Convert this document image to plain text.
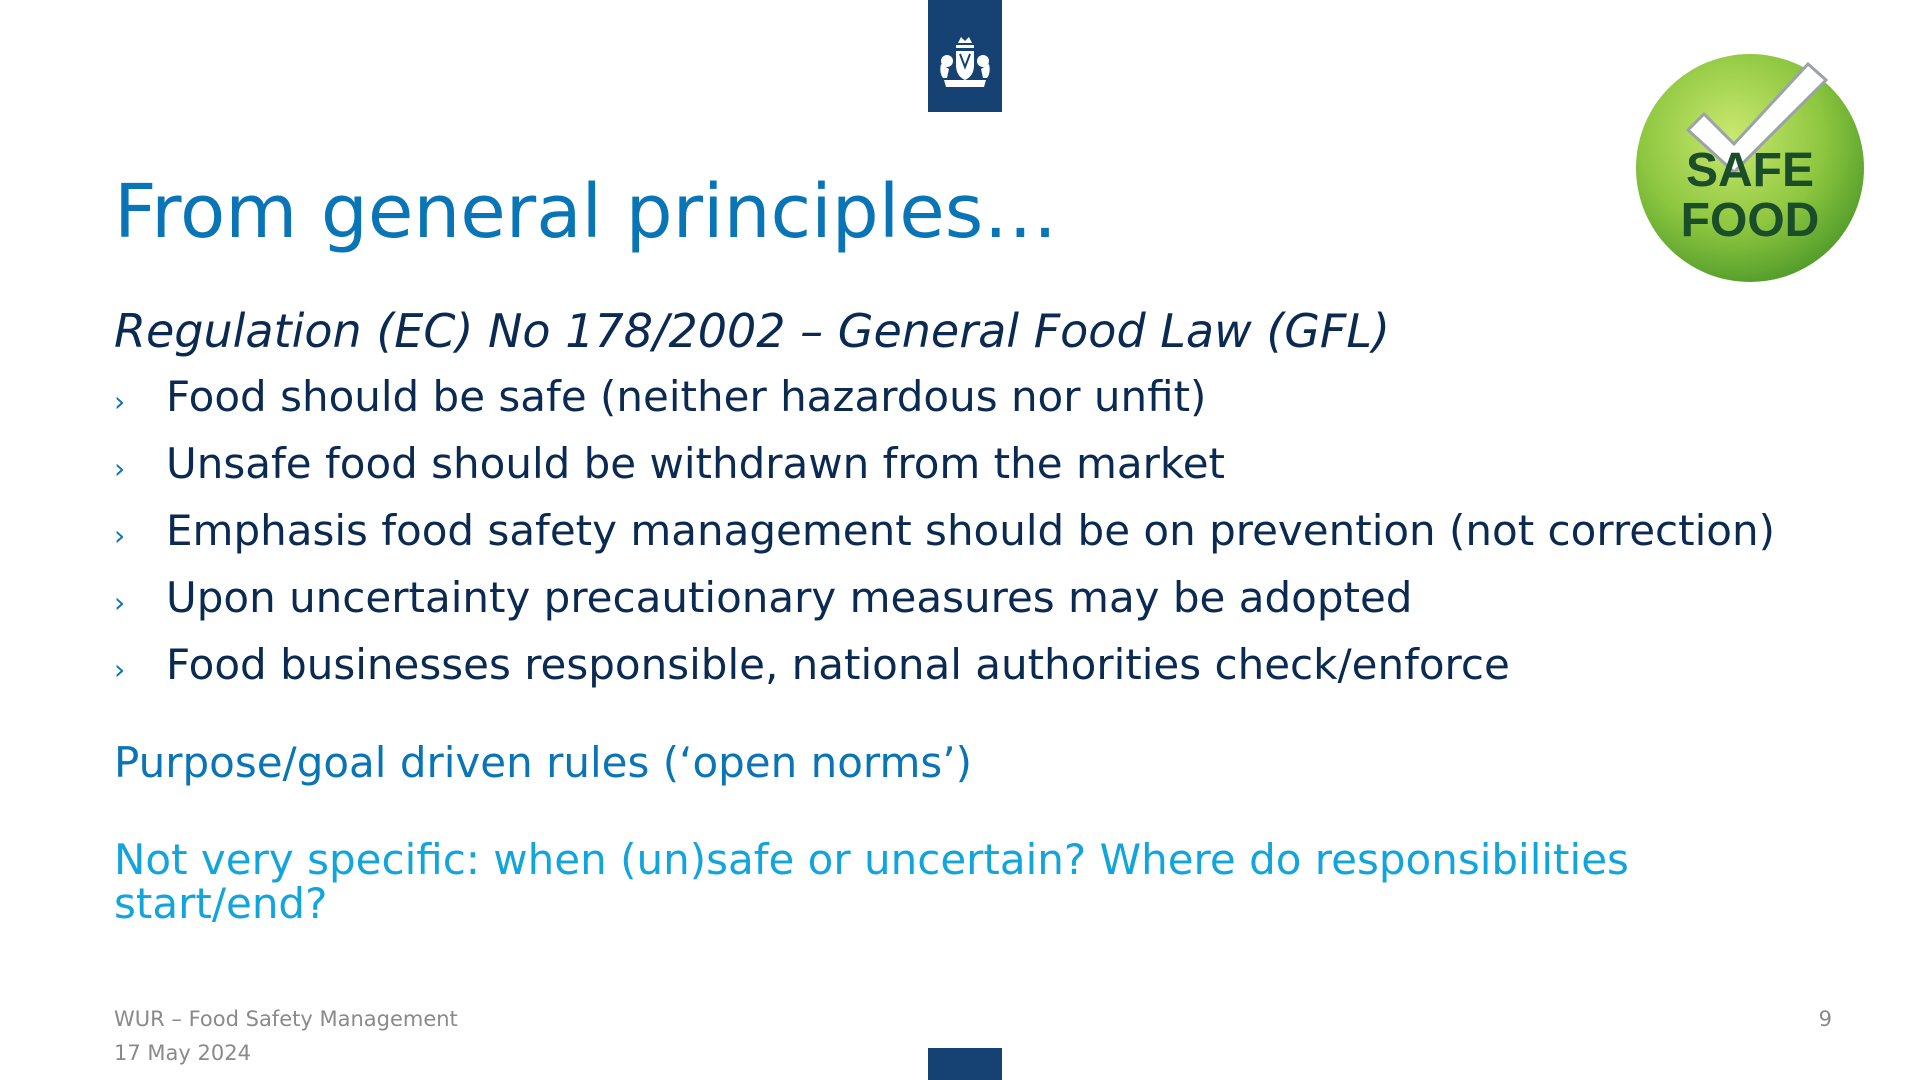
SAFE
FOOD
From general principles…

Regulation (EC) No 178/2002 – General Food Law (GFL)

› Food should be safe (neither hazardous nor unfit)
› Unsafe food should be withdrawn from the market
› Emphasis food safety management should be on prevention (not correction)
› Upon uncertainty precautionary measures may be adopted
› Food businesses responsible, national authorities check/enforce

Purpose/goal driven rules (‘open norms’)

Not very specific: when (un)safe or uncertain? Where do responsibilities start/end?

WUR – Food Safety Management
17 May 2024
9
